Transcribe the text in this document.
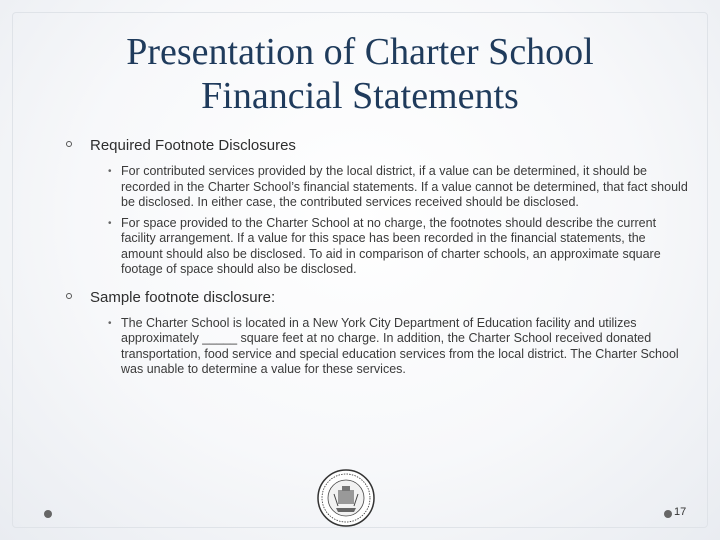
Presentation of Charter School
Financial Statements
Required Footnote Disclosures
• For contributed services provided by the local district, if a value can be determined, it should be recorded in the Charter School’s financial statements. If a value cannot be determined, that fact should be disclosed. In either case, the contributed services received should be disclosed.
• For space provided to the Charter School at no charge, the footnotes should describe the current facility arrangement. If a value for this space has been recorded in the financial statements, the amount should also be disclosed. To aid in comparison of charter schools, an approximate square footage of space should also be disclosed.
Sample footnote disclosure:
• The Charter School is located in a New York City Department of Education facility and utilizes approximately _____ square feet at no charge. In addition, the Charter School received donated transportation, food service and special education services from the local district. The Charter School was unable to determine a value for these services.
17
